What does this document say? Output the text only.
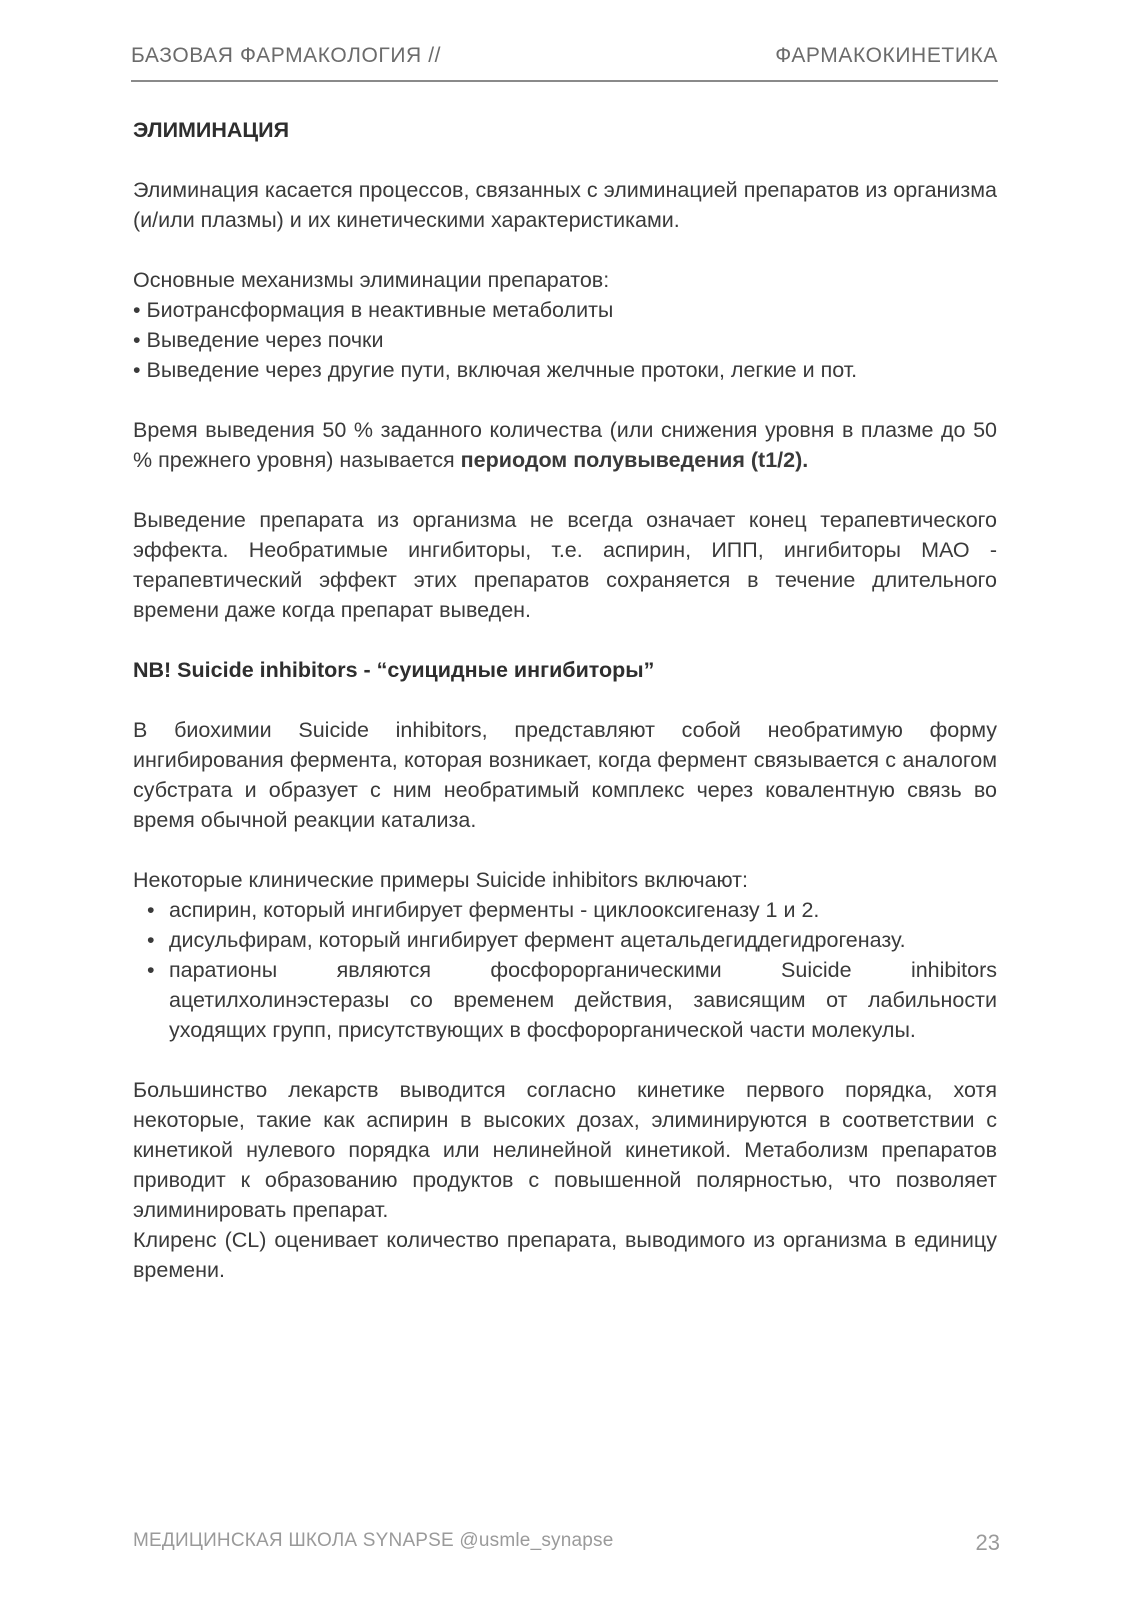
БАЗОВАЯ ФАРМАКОЛОГИЯ //	ФАРМАКОКИНЕТИКА
ЭЛИМИНАЦИЯ

Элиминация касается процессов, связанных с элиминацией препаратов из организма (и/или плазмы) и их кинетическими характеристиками.

Основные механизмы элиминации препаратов:

• Биотрансформация в неактивные метаболиты

• Выведение через почки

• Выведение через другие пути, включая желчные протоки, легкие и пот.

Время выведения 50 % заданного количества (или снижения уровня в плазме до 50 % прежнего уровня) называется периодом полувыведения (t1/2).

Выведение препарата из организма не всегда означает конец терапевтического эффекта. Необратимые ингибиторы, т.е. аспирин, ИПП, ингибиторы МАО - терапевтический эффект этих препаратов сохраняется в течение длительного времени даже когда препарат выведен.

NB! Suicide inhibitors - “суицидные ингибиторы”

В биохимии Suicide inhibitors, представляют собой необратимую форму ингибирования фермента, которая возникает, когда фермент связывается с аналогом субстрата и образует с ним необратимый комплекс через ковалентную связь во время обычной реакции катализа.

Некоторые клинические примеры Suicide inhibitors включают:

• аспирин, который ингибирует ферменты - циклооксигеназу 1 и 2.
• дисульфирам, который ингибирует фермент ацетальдегиддегидрогеназу.
• паратионы являются фосфорорганическими Suicide inhibitors ацетилхолинэстеразы со временем действия, зависящим от лабильности уходящих групп, присутствующих в фосфорорганической части молекулы.

Большинство лекарств выводится согласно кинетике первого порядка, хотя некоторые, такие как аспирин в высоких дозах, элиминируются в соответствии с кинетикой нулевого порядка или нелинейной кинетикой. Метаболизм препаратов приводит к образованию продуктов с повышенной полярностью, что позволяет элиминировать препарат.

Клиренс (CL) оценивает количество препарата, выводимого из организма в единицу времени.

МЕДИЦИНСКАЯ ШКОЛА SYNAPSE @usmle_synapse	23
